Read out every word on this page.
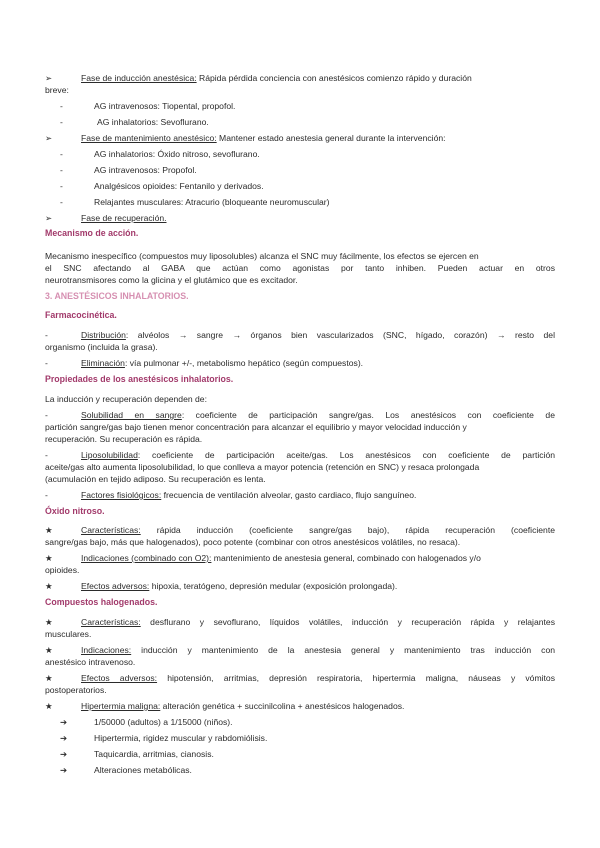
➢	Fase de inducción anestésica: Rápida pérdida conciencia con anestésicos comienzo rápido y duración
breve:
-	AG intravenosos: Tiopental, propofol.
-	AG inhalatorios: Sevoflurano.
➢	Fase de mantenimiento anestésico: Mantener estado anestesia general durante la intervención:
-	AG inhalatorios: Óxido nitroso, sevoflurano.
-	AG intravenosos: Propofol.
-	Analgésicos opioides: Fentanilo y derivados.
-	Relajantes musculares: Atracurio (bloqueante neuromuscular)
➢	Fase de recuperación.
Mecanismo de acción.
Mecanismo inespecífico (compuestos muy liposolubles) alcanza el SNC muy fácilmente, los efectos se ejercen en
el SNC afectando al GABA que actúan como agonistas por tanto inhiben. Pueden actuar en otros
neurotransmisores como la glicina y el glutámico que es excitador.
3. ANESTÉSICOS INHALATORIOS.
Farmacocinética.
-	Distribución: alvéolos → sangre → órganos bien vascularizados (SNC, hígado, corazón) → resto del
organismo (incluida la grasa).
-	Eliminación: vía pulmonar +/-, metabolismo hepático (según compuestos).
Propiedades de los anestésicos inhalatorios.
La inducción y recuperación dependen de:
-	Solubilidad en sangre: coeficiente de participación sangre/gas. Los anestésicos con coeficiente de
partición sangre/gas bajo tienen menor concentración para alcanzar el equilibrio y mayor velocidad inducción y
recuperación. Su recuperación es rápida.
-	Liposolubilidad: coeficiente de participación aceite/gas. Los anestésicos con coeficiente de partición
aceite/gas alto aumenta liposolubilidad, lo que conlleva a mayor potencia (retención en SNC) y resaca prolongada
(acumulación en tejido adiposo. Su recuperación es lenta.
-	Factores fisiológicos: frecuencia de ventilación alveolar, gasto cardiaco, flujo sanguíneo.
Óxido nitroso.
★	Características: rápida inducción (coeficiente sangre/gas bajo), rápida recuperación (coeficiente
sangre/gas bajo, más que halogenados), poco potente (combinar con otros anestésicos volátiles, no resaca).
★	Indicaciones (combinado con O2): mantenimiento de anestesia general, combinado con halogenados y/o
opioides.
★	Efectos adversos: hipoxia, teratógeno, depresión medular (exposición prolongada).
Compuestos halogenados.
★	Características: desflurano y sevoflurano, líquidos volátiles, inducción y recuperación rápida y relajantes
musculares.
★	Indicaciones: inducción y mantenimiento de la anestesia general y mantenimiento tras inducción con
anestésico intravenoso.
★	Efectos adversos: hipotensión, arritmias, depresión respiratoria, hipertermia maligna, náuseas y vómitos
postoperatorios.
★	Hipertermia maligna: alteración genética + succinilcolina + anestésicos halogenados.
➔	1/50000 (adultos) a 1/15000 (niños).
➔	Hipertermia, rigidez muscular y rabdomiólisis.
➔	Taquicardia, arritmias, cianosis.
➔	Alteraciones metabólicas.
